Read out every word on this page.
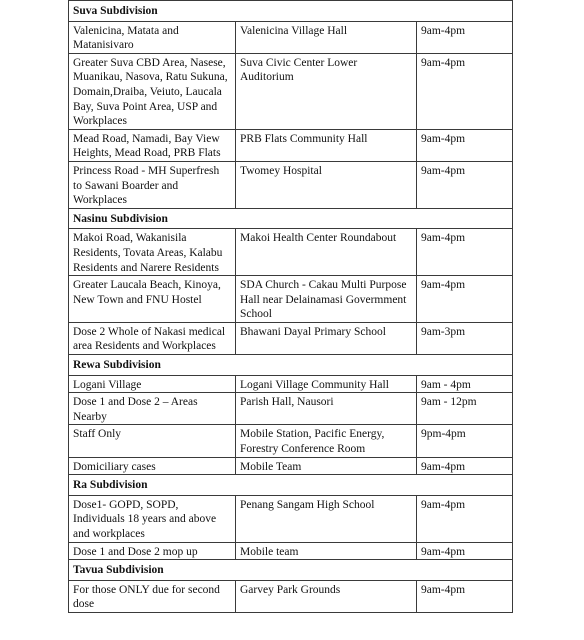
Suva Subdivision		
Valenicina, Matata and Matanisivaro	Valenicina Village Hall	9am-4pm
Greater Suva CBD Area, Nasese, Muanikau, Nasova, Ratu Sukuna, Domain,Draiba, Veiuto, Laucala Bay, Suva Point Area, USP and Workplaces	Suva Civic Center Lower Auditorium	9am-4pm
Mead Road, Namadi, Bay View Heights, Mead Road, PRB Flats	PRB Flats Community Hall	9am-4pm
Princess Road - MH Superfresh to Sawani Boarder and Workplaces	Twomey Hospital	9am-4pm
Nasinu Subdivision		
Makoi Road, Wakanisila Residents, Tovata Areas, Kalabu Residents and Narere Residents	Makoi Health Center Roundabout	9am-4pm
Greater Laucala Beach, Kinoya, New Town and FNU Hostel	SDA Church - Cakau Multi Purpose Hall near Delainamasi Govermment School	9am-4pm
Dose 2 Whole of Nakasi medical area Residents and Workplaces	Bhawani Dayal Primary School	9am-3pm
Rewa Subdivision		
Logani Village	Logani Village Community Hall	9am - 4pm
Dose 1 and Dose 2 – Areas Nearby	Parish Hall, Nausori	9am - 12pm
Staff Only	Mobile Station, Pacific Energy, Forestry Conference Room	9pm-4pm
Domiciliary cases	Mobile Team	9am-4pm
Ra Subdivision		
Dose1- GOPD, SOPD, Individuals 18 years and above and workplaces	Penang Sangam High School	9am-4pm
Dose 1 and Dose 2 mop up	Mobile team	9am-4pm
Tavua Subdivision		
For those ONLY due for second dose	Garvey Park Grounds	9am-4pm
